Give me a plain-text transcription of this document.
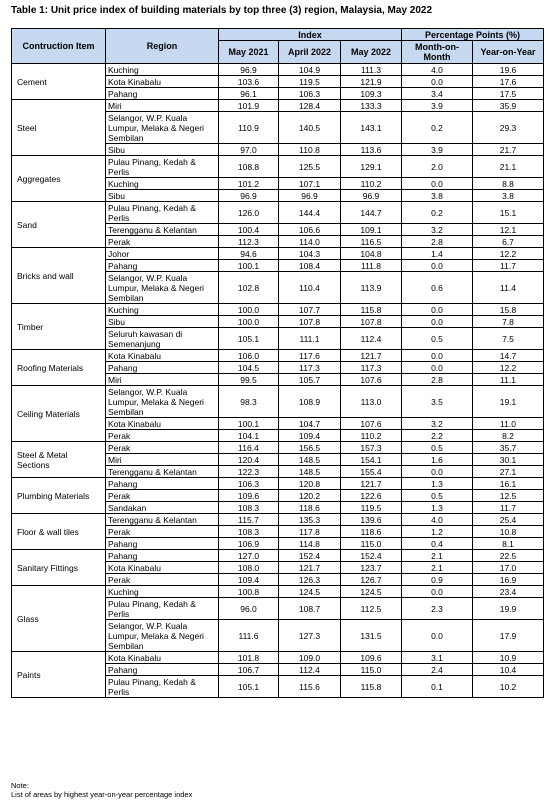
Table 1: Unit price index of building materials by top three (3) region, Malaysia, May 2022
Contruction Item	Region	Index			Percentage Points (%)	
		May 2021	April 2022	May 2022	Month-on-Month	Year-on-Year
Cement	Kuching	96.9	104.9	111.3	4.0	19.6
	Kota Kinabalu	103.6	119.5	121.9	0.0	17.6
	Pahang	96.1	106.3	109.3	3.4	17.5
Steel	Miri	101.9	128.4	133.3	3.9	35.9
	Selangor, W.P. Kuala Lumpur, Melaka & Negeri Sembilan	110.9	140.5	143.1	0.2	29.3
	Sibu	97.0	110.8	113.6	3.9	21.7
Aggregates	Pulau Pinang, Kedah & Perlis	108.8	125.5	129.1	2.0	21.1
	Kuching	101.2	107.1	110.2	0.0	8.8
	Sibu	96.9	96.9	96.9	3.8	3.8
Sand	Pulau Pinang, Kedah & Perlis	126.0	144.4	144.7	0.2	15.1
	Terengganu & Kelantan	100.4	106.6	109.1	3.2	12.1
	Perak	112.3	114.0	116.5	2.8	6.7
Bricks and wall	Johor	94.6	104.3	104.8	1.4	12.2
	Pahang	100.1	108.4	111.8	0.0	11.7
	Selangor, W.P. Kuala Lumpur, Melaka & Negeri Sembilan	102.8	110.4	113.9	0.6	11.4
Timber	Kuching	100.0	107.7	115.8	0.0	15.8
	Sibu	100.0	107.8	107.8	0.0	7.8
	Seluruh kawasan di Semenanjung	105.1	111.1	112.4	0.5	7.5
Roofing Materials	Kota Kinabalu	106.0	117.6	121.7	0.0	14.7
	Pahang	104.5	117.3	117.3	0.0	12.2
	Miri	99.5	105.7	107.6	2.8	11.1
Ceiling Materials	Selangor, W.P. Kuala Lumpur, Melaka & Negeri Sembilan	98.3	108.9	113.0	3.5	19.1
	Kota Kinabalu	100.1	104.7	107.6	3.2	11.0
	Perak	104.1	109.4	110.2	2.2	8.2
Steel & Metal Sections	Perak	116.4	156.5	157.3	0.5	35.7
	Miri	120.4	148.5	154.1	1.6	30.1
	Terengganu & Kelantan	122.3	148.5	155.4	0.0	27.1
Plumbing Materials	Pahang	106.3	120.8	121.7	1.3	16.1
	Perak	109.6	120.2	122.6	0.5	12.5
	Sandakan	108.3	118.6	119.5	1.3	11.7
Floor & wall tiles	Terengganu & Kelantan	115.7	135.3	139.6	4.0	25.4
	Perak	108.3	117.8	118.6	1.2	10.8
	Pahang	106.9	114.8	115.0	0.4	8.1
Sanitary Fittings	Pahang	127.0	152.4	152.4	2.1	22.5
	Kota Kinabalu	108.0	121.7	123.7	2.1	17.0
	Perak	109.4	126.3	126.7	0.9	16.9
Glass	Kuching	100.8	124.5	124.5	0.0	23.4
	Pulau Pinang, Kedah & Perlis	96.0	108.7	112.5	2.3	19.9
	Selangor, W.P. Kuala Lumpur, Melaka & Negeri Sembilan	111.6	127.3	131.5	0.0	17.9
Paints	Kota Kinabalu	101.8	109.0	109.6	3.1	10.9
	Pahang	106.7	112.4	115.0	2.4	10.4
	Pulau Pinang, Kedah & Perlis	105.1	115.6	115.8	0.1	10.2
Note:
List of areas by highest year-on-year percentage index
